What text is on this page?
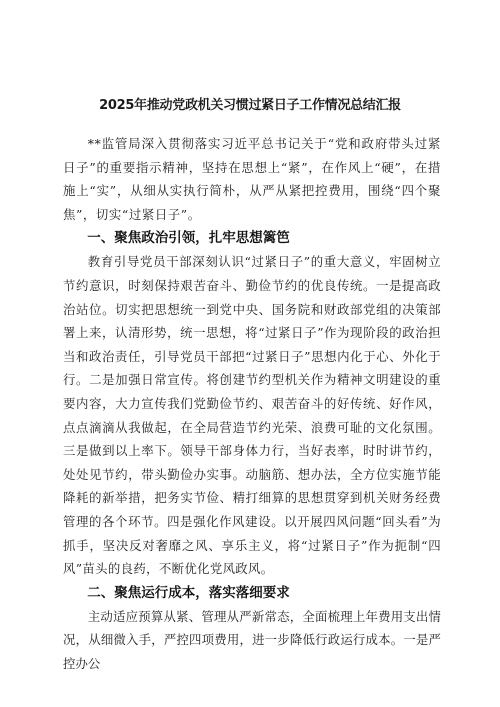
2025年推动党政机关习惯过紧日子工作情况总结汇报

**监管局深入贯彻落实习近平总书记关于“党和政府带头过紧日子”的重要指示精神，坚持在思想上“紧”，在作风上“硬”，在措施上“实”，从细从实执行简朴，从严从紧把控费用，围绕“四个聚焦”，切实“过紧日子”。

一、聚焦政治引领，扎牢思想篱笆

教育引导党员干部深刻认识“过紧日子”的重大意义，牢固树立节约意识，时刻保持艰苦奋斗、勤俭节约的优良传统。一是提高政治站位。切实把思想统一到党中央、国务院和财政部党组的决策部署上来，认清形势，统一思想，将“过紧日子”作为现阶段的政治担当和政治责任，引导党员干部把“过紧日子”思想内化于心、外化于行。二是加强日常宣传。将创建节约型机关作为精神文明建设的重要内容，大力宣传我们党勤俭节约、艰苦奋斗的好传统、好作风，点点滴滴从我做起，在全局营造节约光荣、浪费可耻的文化氛围。三是做到以上率下。领导干部身体力行，当好表率，时时讲节约，处处见节约，带头勤俭办实事。动脑筋、想办法，全方位实施节能降耗的新举措，把务实节俭、精打细算的思想贯穿到机关财务经费管理的各个环节。四是强化作风建设。以开展四风问题“回头看”为抓手，坚决反对奢靡之风、享乐主义，将“过紧日子”作为扼制“四风”苗头的良药，不断优化党风政风。

二、聚焦运行成本，落实落细要求

主动适应预算从紧、管理从严新常态，全面梳理上年费用支出情况，从细微入手，严控四项费用，进一步降低行政运行成本。一是严控办公
